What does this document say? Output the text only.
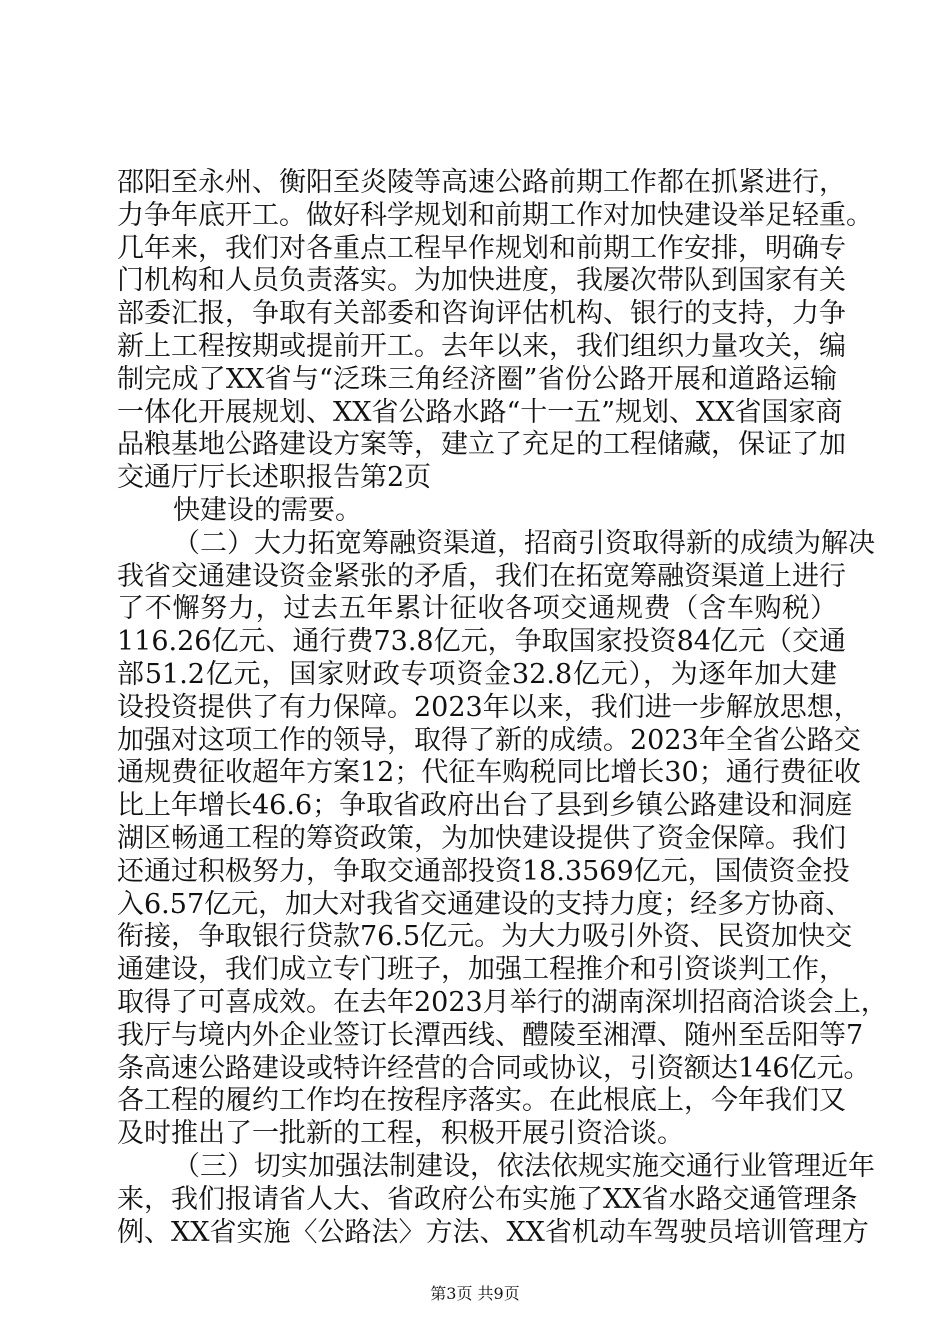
邵阳至永州、衡阳至炎陵等高速公路前期工作都在抓紧进行，
力争年底开工。做好科学规划和前期工作对加快建设举足轻重。
几年来，我们对各重点工程早作规划和前期工作安排，明确专
门机构和人员负责落实。为加快进度，我屡次带队到国家有关
部委汇报，争取有关部委和咨询评估机构、银行的支持，力争
新上工程按期或提前开工。去年以来，我们组织力量攻关，编
制完成了XX省与“泛珠三角经济圈”省份公路开展和道路运输
一体化开展规划、XX省公路水路“十一五”规划、XX省国家商
品粮基地公路建设方案等，建立了充足的工程储藏，保证了加
交通厅厅长述职报告第2页
快建设的需要。
（二）大力拓宽筹融资渠道，招商引资取得新的成绩为解决
我省交通建设资金紧张的矛盾，我们在拓宽筹融资渠道上进行
了不懈努力，过去五年累计征收各项交通规费（含车购税）
116.26亿元、通行费73.8亿元，争取国家投资84亿元（交通
部51.2亿元，国家财政专项资金32.8亿元），为逐年加大建
设投资提供了有力保障。2023年以来，我们进一步解放思想，
加强对这项工作的领导，取得了新的成绩。2023年全省公路交
通规费征收超年方案12；代征车购税同比增长30；通行费征收
比上年增长46.6；争取省政府出台了县到乡镇公路建设和洞庭
湖区畅通工程的筹资政策，为加快建设提供了资金保障。我们
还通过积极努力，争取交通部投资18.3569亿元，国债资金投
入6.57亿元，加大对我省交通建设的支持力度；经多方协商、
衔接，争取银行贷款76.5亿元。为大力吸引外资、民资加快交
通建设，我们成立专门班子，加强工程推介和引资谈判工作，
取得了可喜成效。在去年2023月举行的湖南深圳招商洽谈会上，
我厅与境内外企业签订长潭西线、醴陵至湘潭、随州至岳阳等7
条高速公路建设或特许经营的合同或协议，引资额达146亿元。
各工程的履约工作均在按程序落实。在此根底上，今年我们又
及时推出了一批新的工程，积极开展引资洽谈。
（三）切实加强法制建设，依法依规实施交通行业管理近年
来，我们报请省人大、省政府公布实施了XX省水路交通管理条
例、XX省实施〈公路法〉方法、XX省机动车驾驶员培训管理方
第3页 共9页
